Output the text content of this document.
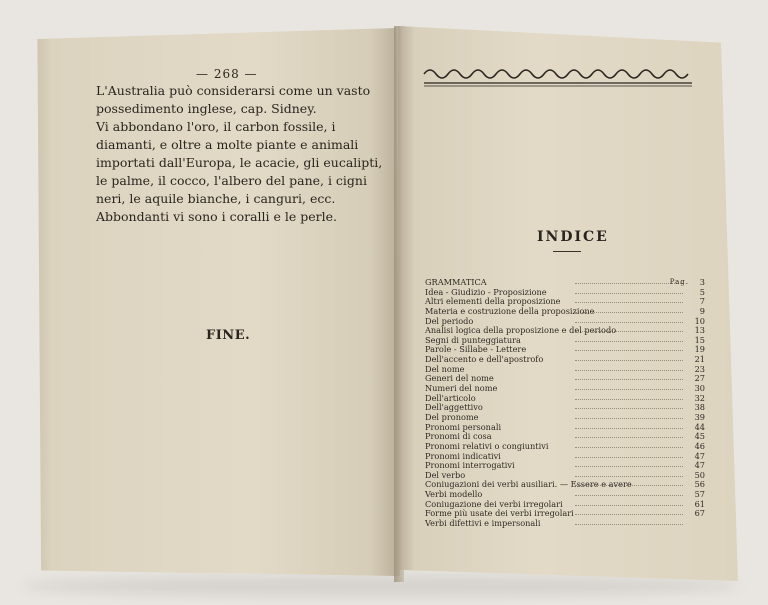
— 268 —
L'Australia può considerarsi come un vasto possedimento inglese, cap. Sidney.
Vi abbondano l'oro, il carbon fossile, i diamanti, e oltre a molte piante e animali importati dall'Europa, le acacie, gli eucalipti, le palme, il cocco, l'albero del pane, i cigni neri, le aquile bianche, i canguri, ecc. Abbondanti vi sono i coralli e le perle.
FINE.
INDICE
GRAMMATICA	Pag.	3
Idea - Giudizio - Proposizione	5
Altri elementi della proposizione	7
Materia e costruzione della proposizione	9
Del periodo	10
Analisi logica della proposizione e del periodo	13
Segni di punteggiatura	15
Parole - Sillabe - Lettere	19
Dell'accento e dell'apostrofo	21
Del nome	23
Generi del nome	27
Numeri del nome	30
Dell'articolo	32
Dell'aggettivo	38
Del pronome	39
Pronomi personali	44
Pronomi di cosa	45
Pronomi relativi o congiuntivi	46
Pronomi indicativi	47
Pronomi interrogativi	47
Del verbo	50
Coniugazioni dei verbi ausiliari. — Essere e avere	56
Verbi modello	57
Coniugazione dei verbi irregolari	61
Forme più usate dei verbi irregolari	67
Verbi difettivi e impersonali
